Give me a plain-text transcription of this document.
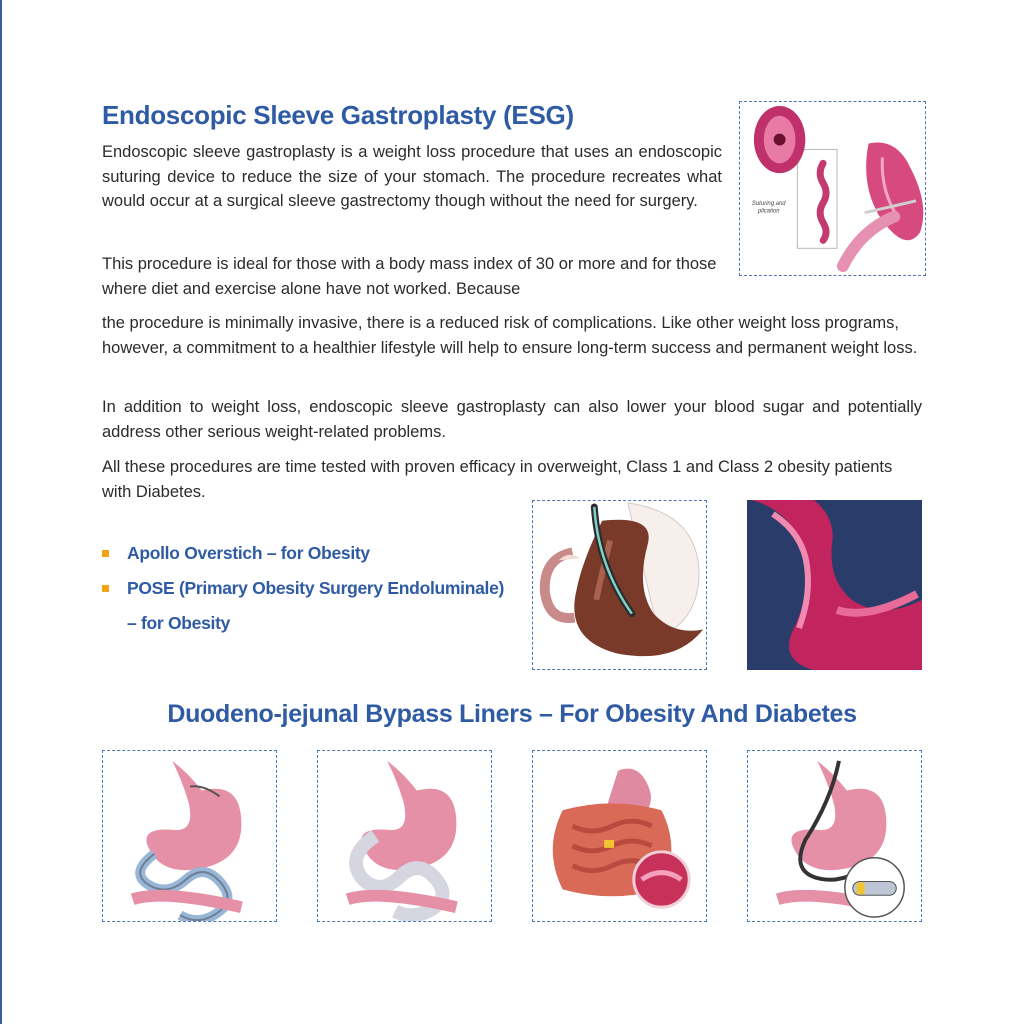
Endoscopic Sleeve Gastroplasty (ESG)

Endoscopic sleeve gastroplasty is a weight loss procedure that uses an endoscopic suturing device to reduce the size of your stomach. The procedure recreates what would occur at a surgical sleeve gastrectomy though without the need for surgery.

This procedure is ideal for those with a body mass index of 30 or more and for those where diet and exercise alone have not worked. Because

the procedure is minimally invasive, there is a reduced risk of complications. Like other weight loss programs, however, a commitment to a healthier lifestyle will help to ensure long-term success and permanent weight loss.

In addition to weight loss, endoscopic sleeve gastroplasty can also lower your blood sugar and potentially address other serious weight-related problems.

All these procedures are time tested with proven efficacy in overweight, Class 1 and Class 2 obesity patients with Diabetes.

Suturing and
plication
Apollo Overstich – for Obesity
POSE (Primary Obesity Surgery Endoluminale)
– for Obesity
Duodeno-jejunal Bypass Liners – For Obesity And Diabetes
